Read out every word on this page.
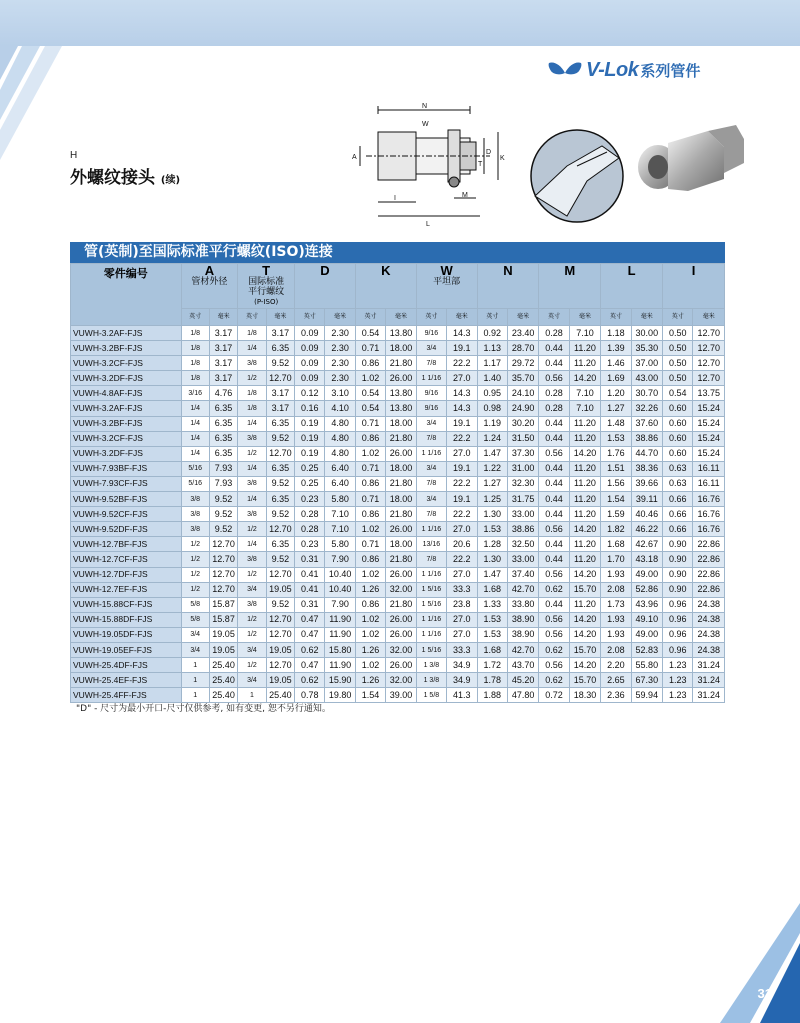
V-Lok 系列管件
H
外螺纹接头 (续)
N
W
A
D
K
T
M
I
L
管(英制)至国际标准平行螺纹(ISO)连接
零件编号	A
管材外径		T
国际标准
平行螺纹
(P-ISO)		D		K		W
平坦部		N		M		L		I	

	英寸	毫米	英寸	毫米	英寸	毫米	英寸	毫米	英寸	毫米	英寸	毫米	英寸	毫米	英寸	毫米	英寸	毫米
VUWH-3.2AF-FJS	1/8	3.17	1/8	3.17	0.09	2.30	0.54	13.80	9/16	14.3	0.92	23.40	0.28	7.10	1.18	30.00	0.50	12.70
VUWH-3.2BF-FJS	1/8	3.17	1/4	6.35	0.09	2.30	0.71	18.00	3/4	19.1	1.13	28.70	0.44	11.20	1.39	35.30	0.50	12.70
VUWH-3.2CF-FJS	1/8	3.17	3/8	9.52	0.09	2.30	0.86	21.80	7/8	22.2	1.17	29.72	0.44	11.20	1.46	37.00	0.50	12.70
VUWH-3.2DF-FJS	1/8	3.17	1/2	12.70	0.09	2.30	1.02	26.00	1 1/16	27.0	1.40	35.70	0.56	14.20	1.69	43.00	0.50	12.70
VUWH-4.8AF-FJS	3/16	4.76	1/8	3.17	0.12	3.10	0.54	13.80	9/16	14.3	0.95	24.10	0.28	7.10	1.20	30.70	0.54	13.75
VUWH-3.2AF-FJS	1/4	6.35	1/8	3.17	0.16	4.10	0.54	13.80	9/16	14.3	0.98	24.90	0.28	7.10	1.27	32.26	0.60	15.24
VUWH-3.2BF-FJS	1/4	6.35	1/4	6.35	0.19	4.80	0.71	18.00	3/4	19.1	1.19	30.20	0.44	11.20	1.48	37.60	0.60	15.24
VUWH-3.2CF-FJS	1/4	6.35	3/8	9.52	0.19	4.80	0.86	21.80	7/8	22.2	1.24	31.50	0.44	11.20	1.53	38.86	0.60	15.24
VUWH-3.2DF-FJS	1/4	6.35	1/2	12.70	0.19	4.80	1.02	26.00	1 1/16	27.0	1.47	37.30	0.56	14.20	1.76	44.70	0.60	15.24
VUWH-7.93BF-FJS	5/16	7.93	1/4	6.35	0.25	6.40	0.71	18.00	3/4	19.1	1.22	31.00	0.44	11.20	1.51	38.36	0.63	16.11
VUWH-7.93CF-FJS	5/16	7.93	3/8	9.52	0.25	6.40	0.86	21.80	7/8	22.2	1.27	32.30	0.44	11.20	1.56	39.66	0.63	16.11
VUWH-9.52BF-FJS	3/8	9.52	1/4	6.35	0.23	5.80	0.71	18.00	3/4	19.1	1.25	31.75	0.44	11.20	1.54	39.11	0.66	16.76
VUWH-9.52CF-FJS	3/8	9.52	3/8	9.52	0.28	7.10	0.86	21.80	7/8	22.2	1.30	33.00	0.44	11.20	1.59	40.46	0.66	16.76
VUWH-9.52DF-FJS	3/8	9.52	1/2	12.70	0.28	7.10	1.02	26.00	1 1/16	27.0	1.53	38.86	0.56	14.20	1.82	46.22	0.66	16.76
VUWH-12.7BF-FJS	1/2	12.70	1/4	6.35	0.23	5.80	0.71	18.00	13/16	20.6	1.28	32.50	0.44	11.20	1.68	42.67	0.90	22.86
VUWH-12.7CF-FJS	1/2	12.70	3/8	9.52	0.31	7.90	0.86	21.80	7/8	22.2	1.30	33.00	0.44	11.20	1.70	43.18	0.90	22.86
VUWH-12.7DF-FJS	1/2	12.70	1/2	12.70	0.41	10.40	1.02	26.00	1 1/16	27.0	1.47	37.40	0.56	14.20	1.93	49.00	0.90	22.86
VUWH-12.7EF-FJS	1/2	12.70	3/4	19.05	0.41	10.40	1.26	32.00	1 5/16	33.3	1.68	42.70	0.62	15.70	2.08	52.86	0.90	22.86
VUWH-15.88CF-FJS	5/8	15.87	3/8	9.52	0.31	7.90	0.86	21.80	1 5/16	23.8	1.33	33.80	0.44	11.20	1.73	43.96	0.96	24.38
VUWH-15.88DF-FJS	5/8	15.87	1/2	12.70	0.47	11.90	1.02	26.00	1 1/16	27.0	1.53	38.90	0.56	14.20	1.93	49.10	0.96	24.38
VUWH-19.05DF-FJS	3/4	19.05	1/2	12.70	0.47	11.90	1.02	26.00	1 1/16	27.0	1.53	38.90	0.56	14.20	1.93	49.00	0.96	24.38
VUWH-19.05EF-FJS	3/4	19.05	3/4	19.05	0.62	15.80	1.26	32.00	1 5/16	33.3	1.68	42.70	0.62	15.70	2.08	52.83	0.96	24.38
VUWH-25.4DF-FJS	1	25.40	1/2	12.70	0.47	11.90	1.02	26.00	1 3/8	34.9	1.72	43.70	0.56	14.20	2.20	55.80	1.23	31.24
VUWH-25.4EF-FJS	1	25.40	3/4	19.05	0.62	15.90	1.26	32.00	1 3/8	34.9	1.78	45.20	0.62	15.70	2.65	67.30	1.23	31.24
VUWH-25.4FF-FJS	1	25.40	1	25.40	0.78	19.80	1.54	39.00	1 5/8	41.3	1.88	47.80	0.72	18.30	2.36	59.94	1.23	31.24
"D" - 尺寸为最小开口-尺寸仅供参考, 如有变更, 恕不另行通知。
31
